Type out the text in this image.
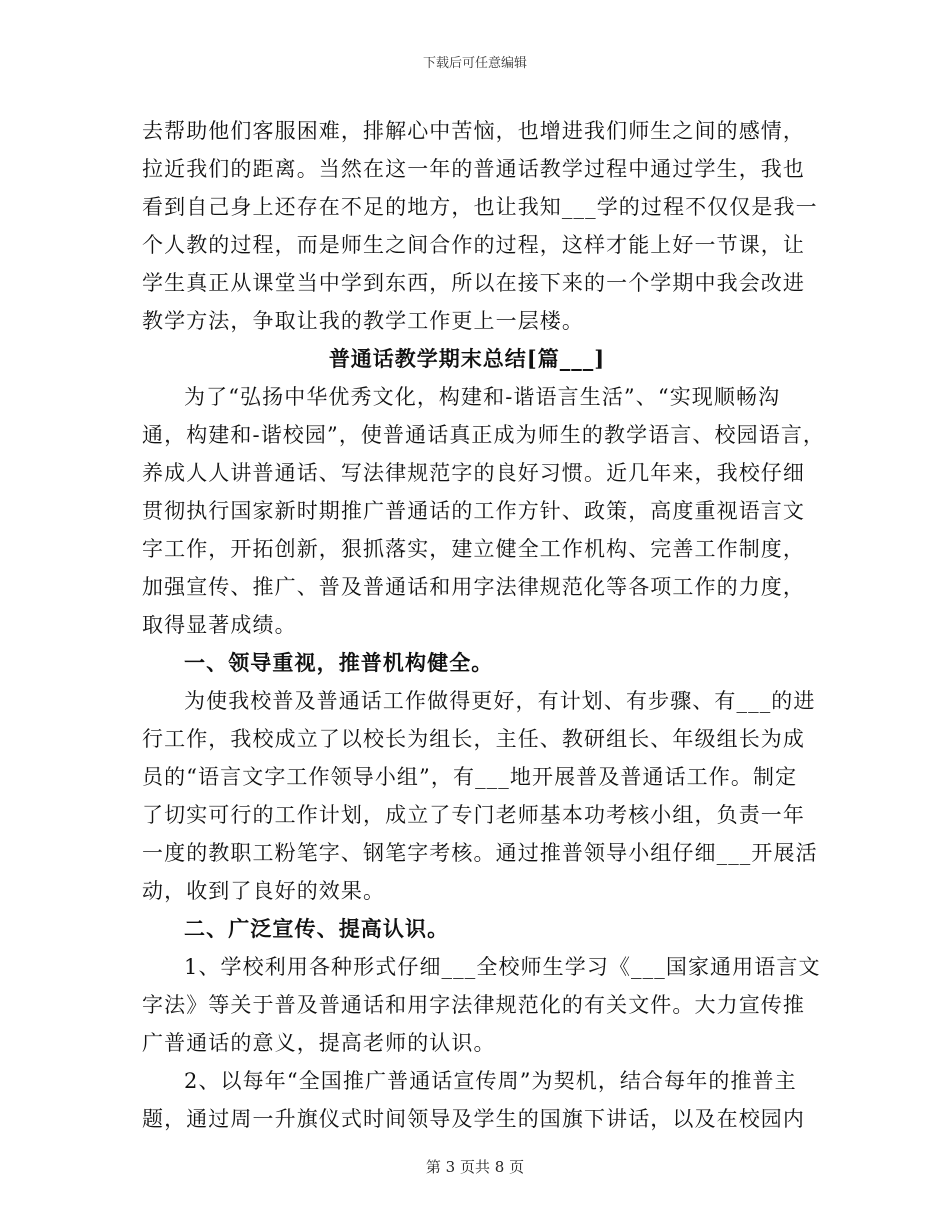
下载后可任意编辑
去帮助他们客服困难，排解心中苦恼，也增进我们师生之间的感情，
拉近我们的距离。当然在这一年的普通话教学过程中通过学生，我也
看到自己身上还存在不足的地方，也让我知___学的过程不仅仅是我一
个人教的过程，而是师生之间合作的过程，这样才能上好一节课，让
学生真正从课堂当中学到东西，所以在接下来的一个学期中我会改进
教学方法，争取让我的教学工作更上一层楼。
普通话教学期末总结[篇___]
为了“弘扬中华优秀文化，构建和-谐语言生活”、“实现顺畅沟
通，构建和-谐校园”，使普通话真正成为师生的教学语言、校园语言，
养成人人讲普通话、写法律规范字的良好习惯。近几年来，我校仔细
贯彻执行国家新时期推广普通话的工作方针、政策，高度重视语言文
字工作，开拓创新，狠抓落实，建立健全工作机构、完善工作制度，
加强宣传、推广、普及普通话和用字法律规范化等各项工作的力度，
取得显著成绩。
一、领导重视，推普机构健全。
为使我校普及普通话工作做得更好，有计划、有步骤、有___的进
行工作，我校成立了以校长为组长，主任、教研组长、年级组长为成
员的“语言文字工作领导小组”，有___地开展普及普通话工作。制定
了切实可行的工作计划，成立了专门老师基本功考核小组，负责一年
一度的教职工粉笔字、钢笔字考核。通过推普领导小组仔细___开展活
动，收到了良好的效果。
二、广泛宣传、提高认识。
1、学校利用各种形式仔细___全校师生学习《___国家通用语言文
字法》等关于普及普通话和用字法律规范化的有关文件。大力宣传推
广普通话的意义，提高老师的认识。
2、以每年“全国推广普通话宣传周”为契机，结合每年的推普主
题，通过周一升旗仪式时间领导及学生的国旗下讲话，以及在校园内
第 3 页共 8 页
